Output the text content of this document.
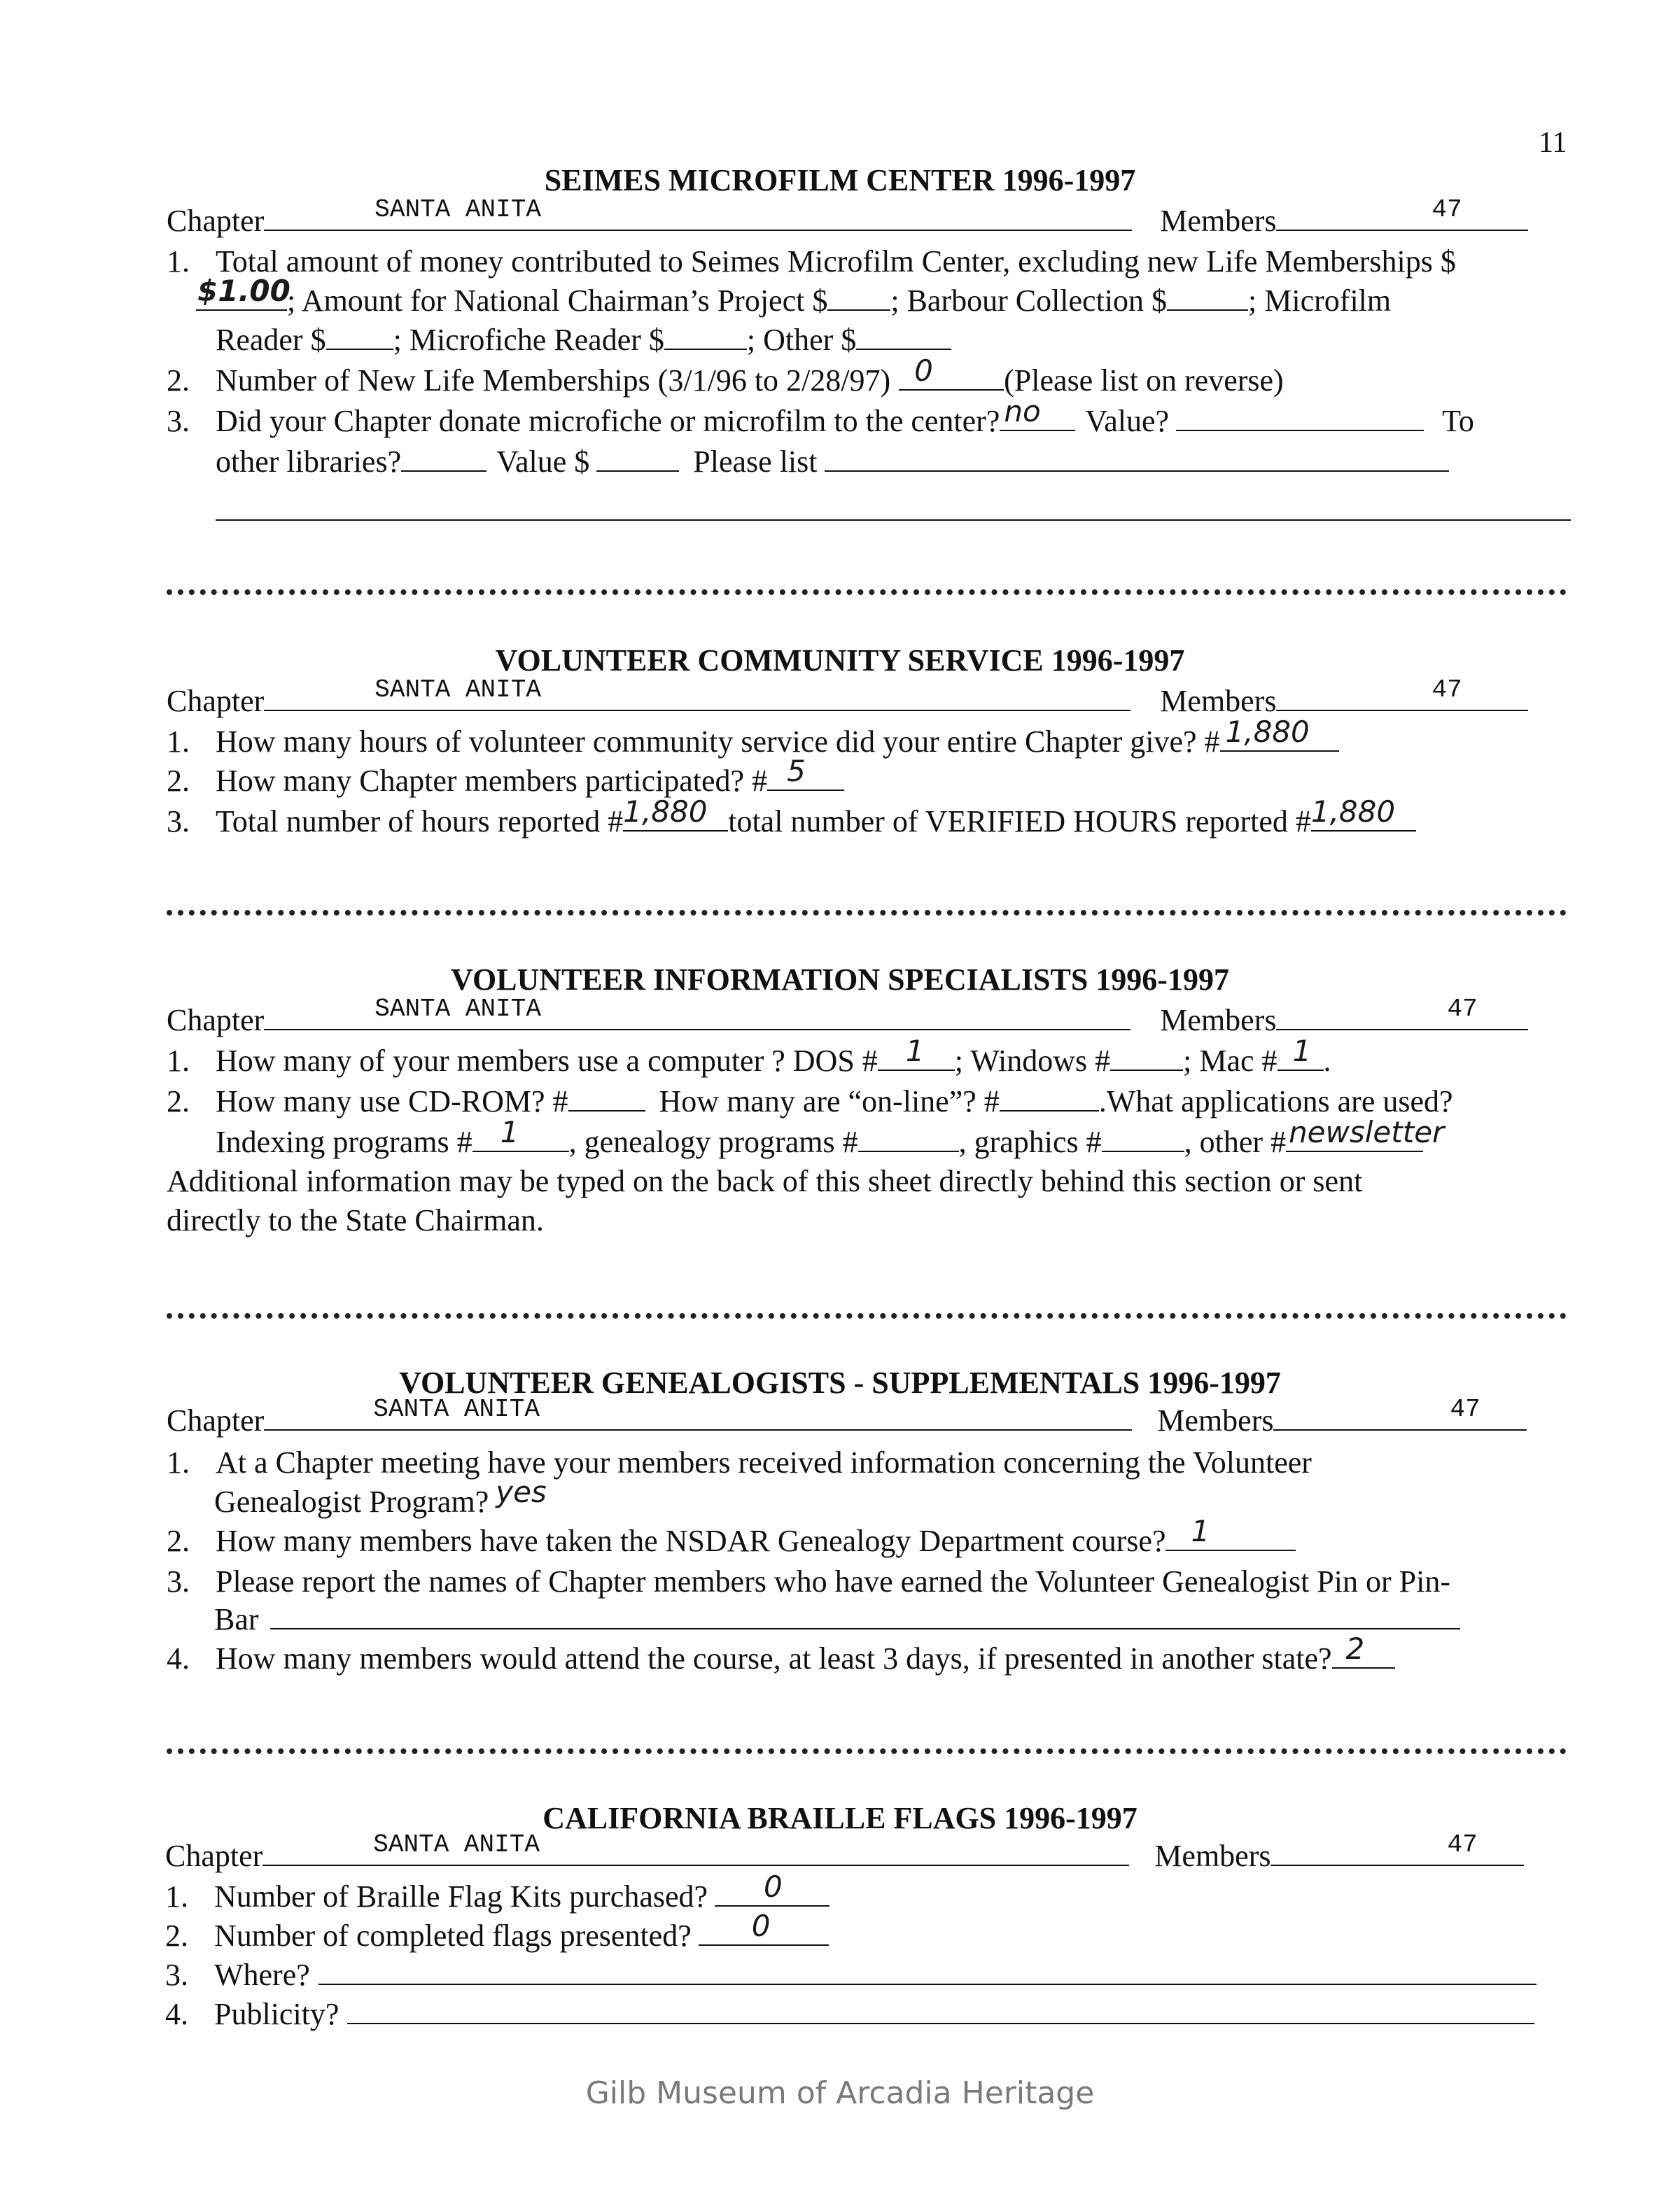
11
SEIMES MICROFILM CENTER 1996-1997
Chapter	SANTA ANITA	Members	47
1. Total amount of money contributed to Seimes Microfilm Center, excluding new Life Memberships $
$1.00
; Amount for National Chairman’s Project $ ; Barbour Collection $	; Microfilm
Reader $ ; Microfiche Reader $	; Other $
2. Number of New Life Memberships (3/1/96 to 2/28/97) 0 (Please list on reverse)
3. Did your Chapter donate microfiche or microfilm to the center? no Value?	To
other libraries?	Value $	Please list
VOLUNTEER COMMUNITY SERVICE 1996-1997
Chapter	SANTA ANITA	Members	47
1. How many hours of volunteer community service did your entire Chapter give? # 1,880
2. How many Chapter members participated? # 5
3. Total number of hours reported # 1,880 total number of VERIFIED HOURS reported # 1,880
VOLUNTEER INFORMATION SPECIALISTS 1996-1997
Chapter	SANTA ANITA	Members	47
1. How many of your members use a computer ? DOS # 1 ; Windows # ; Mac # 1 .
2. How many use CD-ROM? #	How many are “on-line”? #	.What applications are used?
Indexing programs # 1 , genealogy programs #	, graphics #	, other # newsletter
Additional information may be typed on the back of this sheet directly behind this section or sent
directly to the State Chairman.
VOLUNTEER GENEALOGISTS - SUPPLEMENTALS 1996-1997
Chapter	SANTA ANITA	Members	47
1. At a Chapter meeting have your members received information concerning the Volunteer
Genealogist Program? yes
2. How many members have taken the NSDAR Genealogy Department course? 1
3. Please report the names of Chapter members who have earned the Volunteer Genealogist Pin or Pin-
Bar
4. How many members would attend the course, at least 3 days, if presented in another state? 2
CALIFORNIA BRAILLE FLAGS 1996-1997
Chapter	SANTA ANITA	Members	47
1. Number of Braille Flag Kits purchased? 0
2. Number of completed flags presented? 0
3. Where?
4. Publicity?
Gilb Museum of Arcadia Heritage
